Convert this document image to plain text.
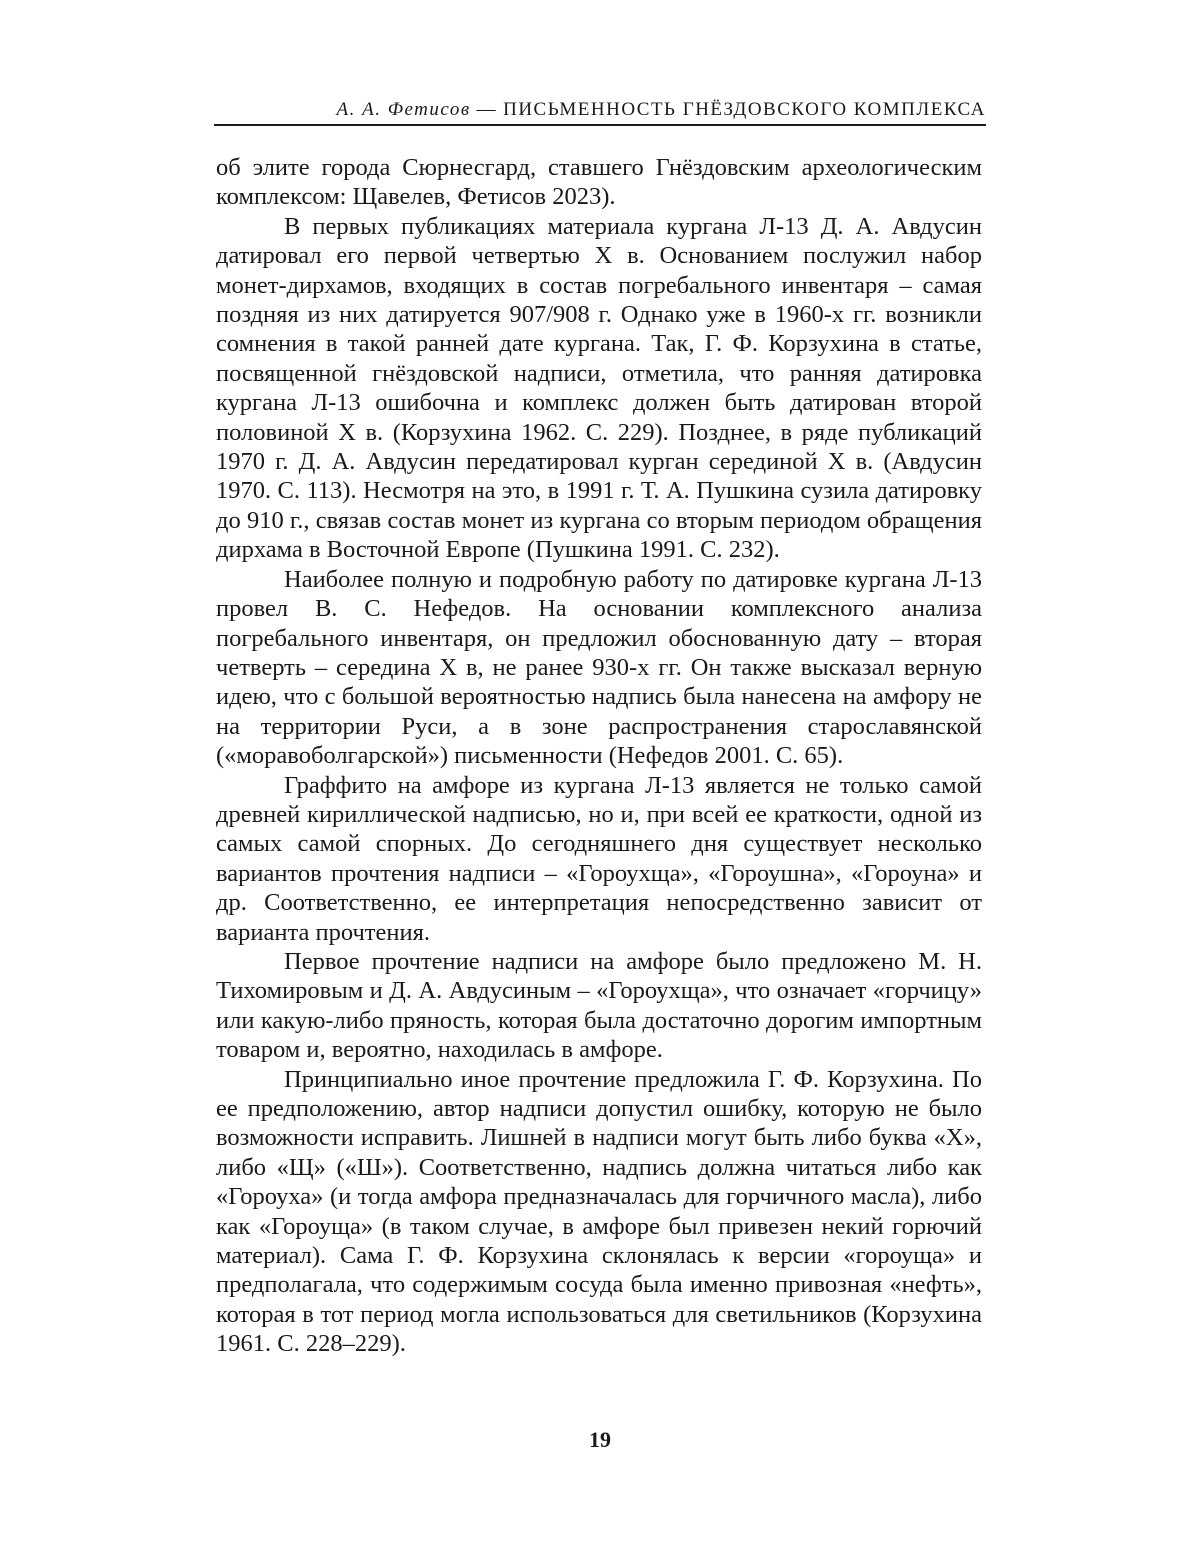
А. А. Фетисов — ПИСЬМЕННОСТЬ ГНЁЗДОВСКОГО КОМПЛЕКСА

об элите города Сюрнесгард, ставшего Гнёздовским археологическим комплексом: Щавелев, Фетисов 2023).

В первых публикациях материала кургана Л-13 Д. А. Авдусин датировал его первой четвертью X в. Основанием послужил набор монет-дирхамов, входящих в состав погребального инвентаря – самая поздняя из них датируется 907/908 г. Однако уже в 1960-х гг. возникли сомнения в такой ранней дате кургана. Так, Г. Ф. Корзухина в статье, посвященной гнёздовской надписи, отметила, что ранняя датировка кургана Л-13 ошибочна и комплекс должен быть датирован второй половиной X в. (Корзухина 1962. С. 229). Позднее, в ряде публикаций 1970 г. Д. А. Авдусин передатировал курган серединой X в. (Авдусин 1970. С. 113). Несмотря на это, в 1991 г. Т. А. Пушкина сузила датировку до 910 г., связав состав монет из кургана со вторым периодом обращения дирхама в Восточной Европе (Пушкина 1991. С. 232).

Наиболее полную и подробную работу по датировке кургана Л-13 провел В. С. Нефедов. На основании комплексного анализа погребального инвентаря, он предложил обоснованную дату – вторая четверть – середина X в, не ранее 930-х гг. Он также высказал верную идею, что с большой вероятностью надпись была нанесена на амфору не на территории Руси, а в зоне распространения старославянской («моравоболгарской») письменности (Нефедов 2001. С. 65).

Граффито на амфоре из кургана Л-13 является не только самой древней кириллической надписью, но и, при всей ее краткости, одной из самых самой спорных. До сегодняшнего дня существует несколько вариантов прочтения надписи – «Гороухща», «Гороушна», «Гороуна» и др. Соответственно, ее интерпретация непосредственно зависит от варианта прочтения.

Первое прочтение надписи на амфоре было предложено М. Н. Тихомировым и Д. А. Авдусиным – «Гороухща», что означает «горчицу» или какую-либо пряность, которая была достаточно дорогим импортным товаром и, вероятно, находилась в амфоре.

Принципиально иное прочтение предложила Г. Ф. Корзухина. По ее предположению, автор надписи допустил ошибку, которую не было возможности исправить. Лишней в надписи могут быть либо буква «Х», либо «Щ» («Ш»). Соответственно, надпись должна читаться либо как «Гороуха» (и тогда амфора предназначалась для горчичного масла), либо как «Гороуща» (в таком случае, в амфоре был привезен некий горючий материал). Сама Г. Ф. Корзухина склонялась к версии «гороуща» и предполагала, что содержимым сосуда была именно привозная «нефть», которая в тот период могла использоваться для светильников (Корзухина 1961. С. 228–229).

19
